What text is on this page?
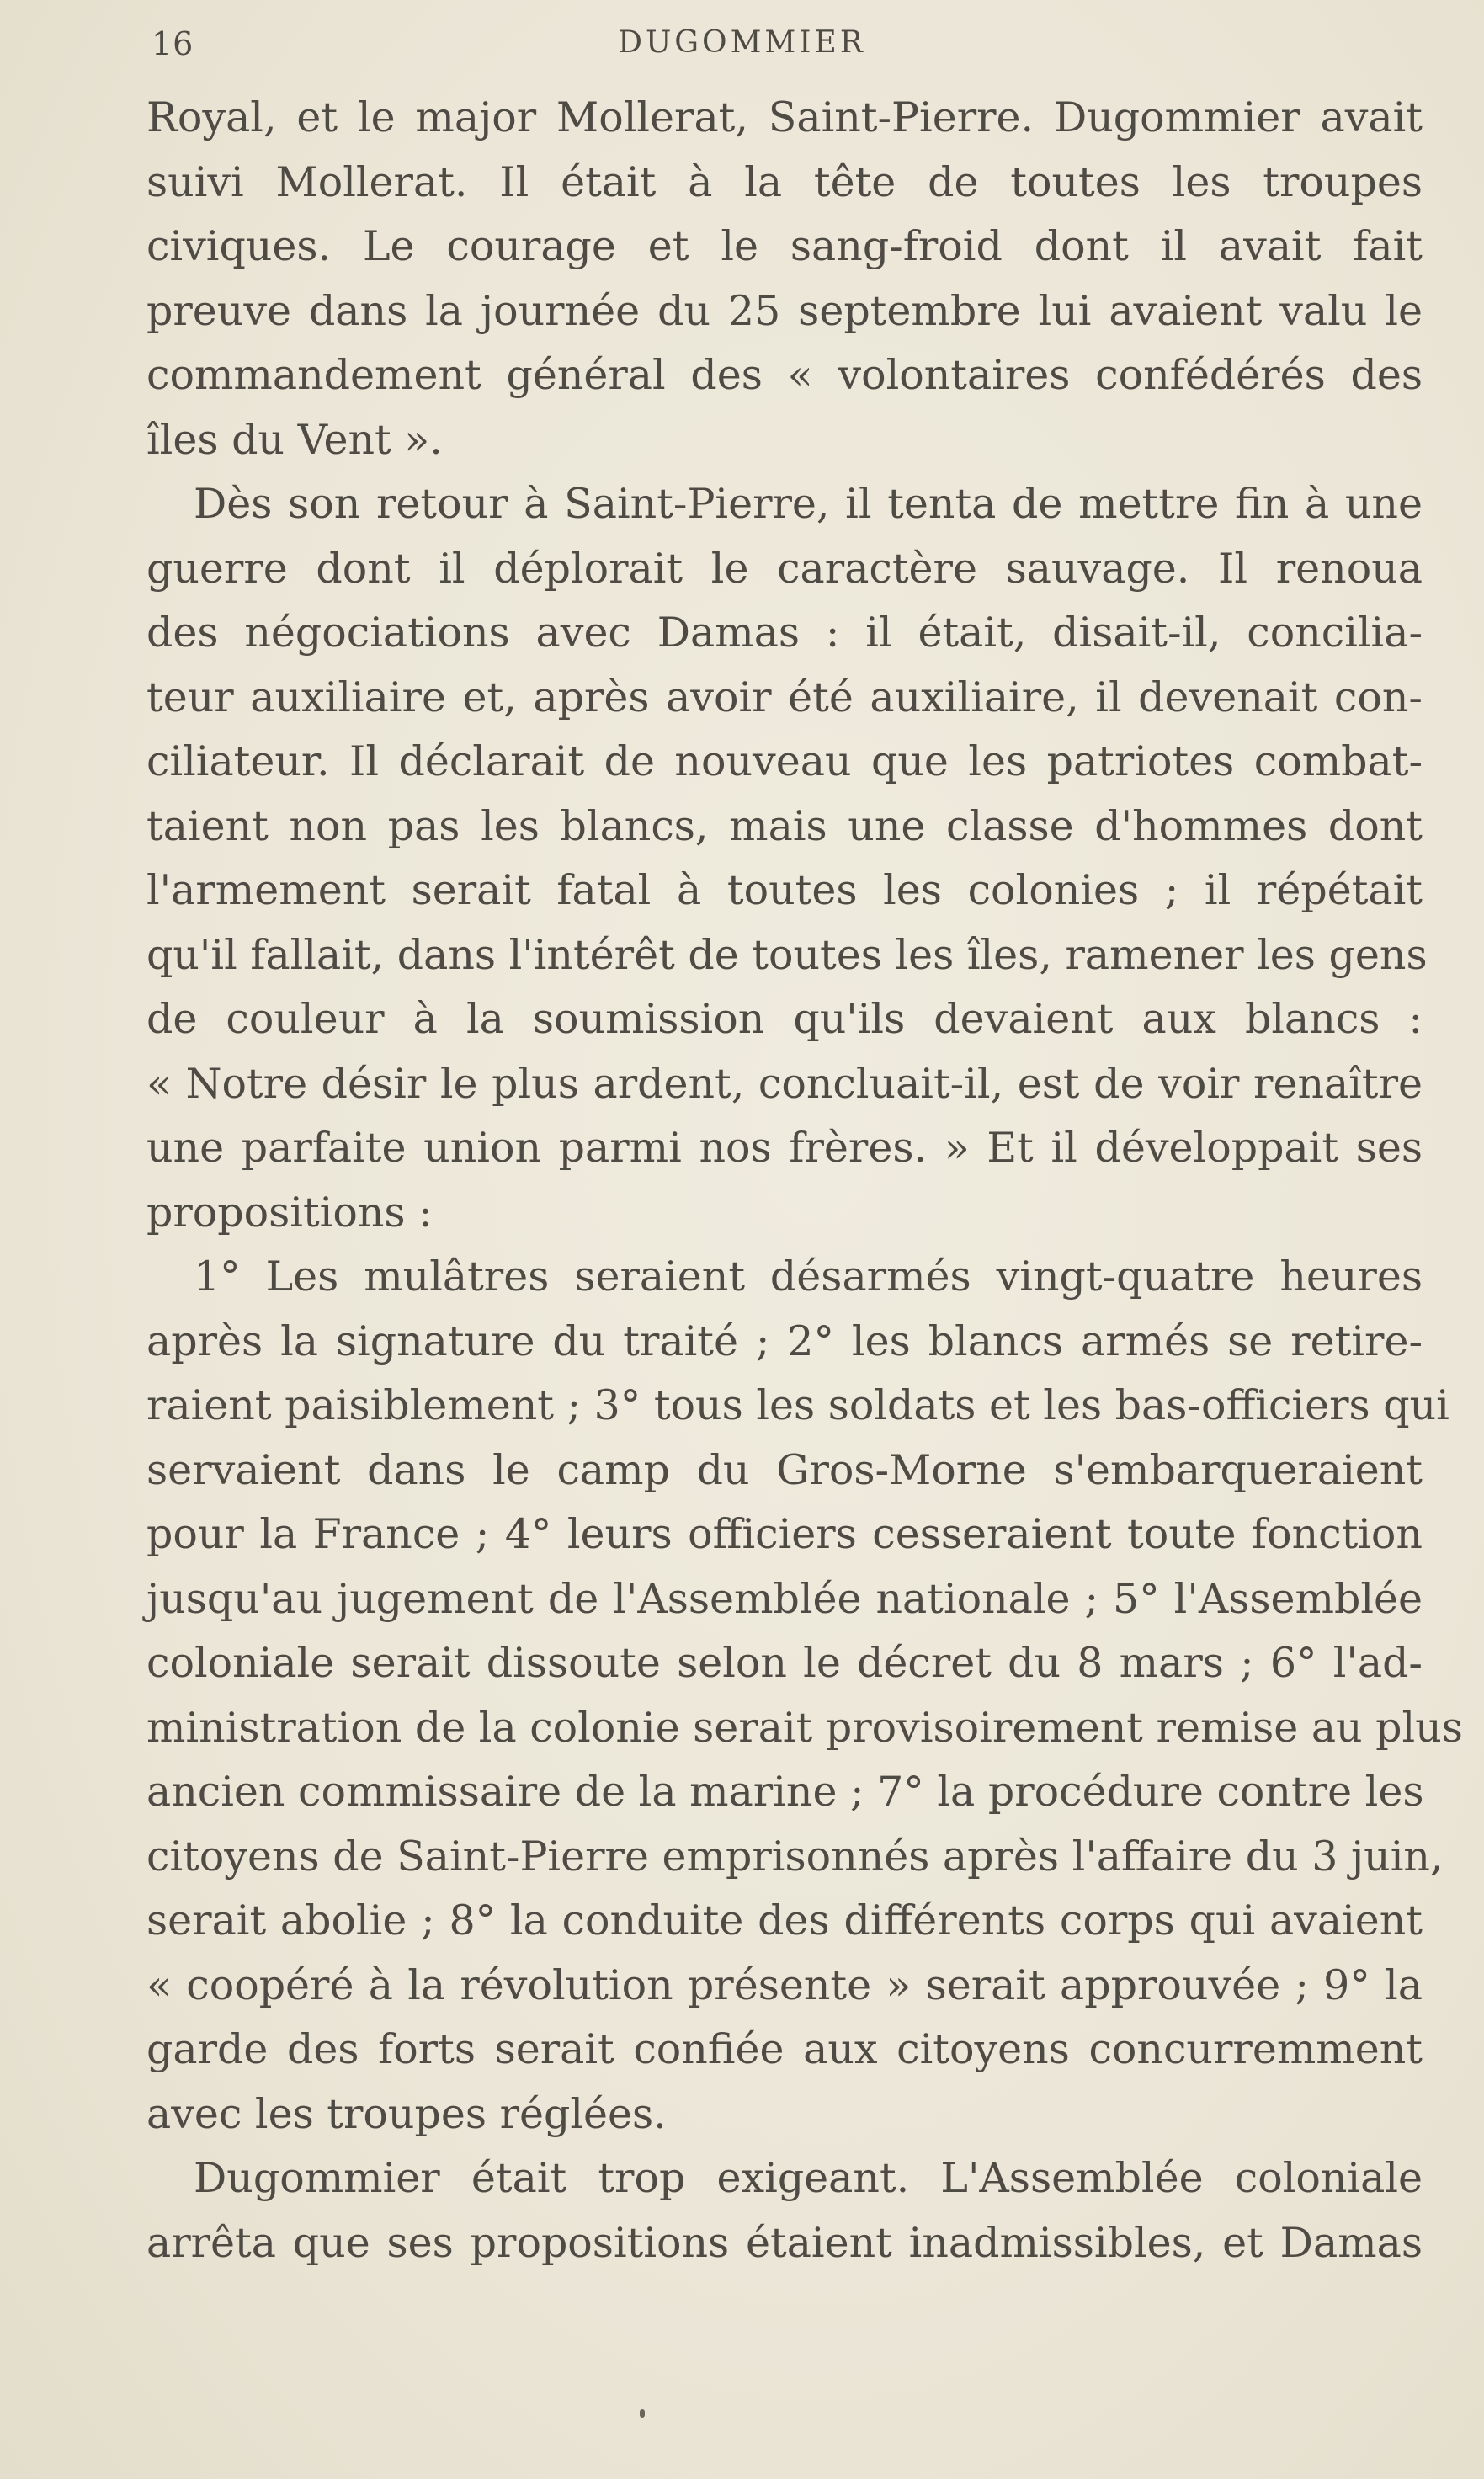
16	DUGOMMIER
Royal, et le major Mollerat, Saint-Pierre. Dugommier avait
suivi Mollerat. Il était à la tête de toutes les troupes
civiques. Le courage et le sang-froid dont il avait fait
preuve dans la journée du 25 septembre lui avaient valu le
commandement général des « volontaires confédérés des
îles du Vent ».
Dès son retour à Saint-Pierre, il tenta de mettre fin à une
guerre dont il déplorait le caractère sauvage. Il renoua
des négociations avec Damas : il était, disait-il, concilia-
teur auxiliaire et, après avoir été auxiliaire, il devenait con-
ciliateur. Il déclarait de nouveau que les patriotes combat-
taient non pas les blancs, mais une classe d'hommes dont
l'armement serait fatal à toutes les colonies ; il répétait
qu'il fallait, dans l'intérêt de toutes les îles, ramener les gens
de couleur à la soumission qu'ils devaient aux blancs :
« Notre désir le plus ardent, concluait-il, est de voir renaître
une parfaite union parmi nos frères. » Et il développait ses
propositions :
1° Les mulâtres seraient désarmés vingt-quatre heures
après la signature du traité ; 2° les blancs armés se retire-
raient paisiblement ; 3° tous les soldats et les bas-officiers qui
servaient dans le camp du Gros-Morne s'embarqueraient
pour la France ; 4° leurs officiers cesseraient toute fonction
jusqu'au jugement de l'Assemblée nationale ; 5° l'Assemblée
coloniale serait dissoute selon le décret du 8 mars ; 6° l'ad-
ministration de la colonie serait provisoirement remise au plus
ancien commissaire de la marine ; 7° la procédure contre les
citoyens de Saint-Pierre emprisonnés après l'affaire du 3 juin,
serait abolie ; 8° la conduite des différents corps qui avaient
« coopéré à la révolution présente » serait approuvée ; 9° la
garde des forts serait confiée aux citoyens concurremment
avec les troupes réglées.
Dugommier était trop exigeant. L'Assemblée coloniale
arrêta que ses propositions étaient inadmissibles, et Damas
